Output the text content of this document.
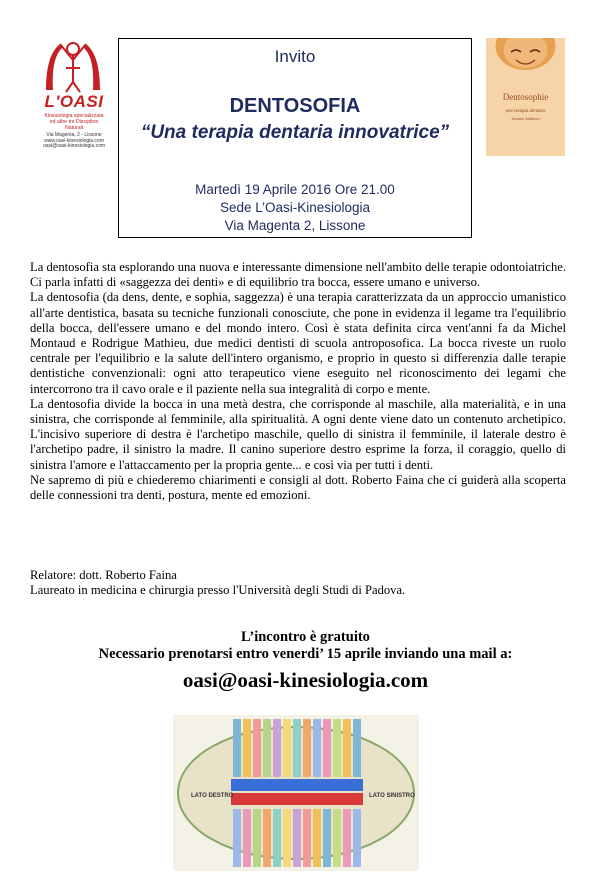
L'OASI
Kinesiologia specializzata
ed altre tre Discipline
Naturali
Via Magenta, 2 - Lissone
www.oasi-kinesiologia.com
oasi@oasi-kinesiologia.com
Invito
DENTOSOFIA
“Una terapia dentaria innovatrice”
Martedì 19 Aprile 2016 Ore 21.00
Sede L’Oasi-Kinesiologia
Via Magenta 2, Lissone
Dentosophie
une terapia dentaire
Jeanne Mathieu

La dentosofia sta esplorando una nuova e interessante dimensione nell'ambito delle terapie odontoiatriche. Ci parla infatti di «saggezza dei denti» e di equilibrio tra bocca, essere umano e universo.

La dentosofia (da dens, dente, e sophia, saggezza) è una terapia caratterizzata da un approccio umanistico all'arte dentistica, basata su tecniche funzionali conosciute, che pone in evidenza il legame tra l'equilibrio della bocca, dell'essere umano e del mondo intero. Così è stata definita circa vent'anni fa da Michel Montaud e Rodrigue Mathieu, due medici dentisti di scuola antroposofica. La bocca riveste un ruolo centrale per l'equilibrio e la salute dell'intero organismo, e proprio in questo si differenzia dalle terapie dentistiche convenzionali: ogni atto terapeutico viene eseguito nel riconoscimento dei legami che intercorrono tra il cavo orale e il paziente nella sua integralità di corpo e mente.

La dentosofia divide la bocca in una metà destra, che corrisponde al maschile, alla materialità, e in una sinistra, che corrisponde al femminile, alla spiritualità. A ogni dente viene dato un contenuto archetipico. L'incisivo superiore di destra è l'archetipo maschile, quello di sinistra il femminile, il laterale destro è l'archetipo padre, il sinistro la madre. Il canino superiore destro esprime la forza, il coraggio, quello di sinistra l'amore e l'attaccamento per la propria gente... e così via per tutti i denti.

Ne sapremo di più e chiederemo chiarimenti e consigli al dott. Roberto Faina che ci guiderà alla scoperta delle connessioni tra denti, postura, mente ed emozioni.

Relatore: dott. Roberto Faina

Laureato in medicina e chirurgia presso l'Università degli Studi di Padova.

L’incontro è gratuito
Necessario prenotarsi entro venerdi’ 15 aprile inviando una mail a:
oasi@oasi-kinesiologia.com
LATO DESTRO	LATO SINISTRO
